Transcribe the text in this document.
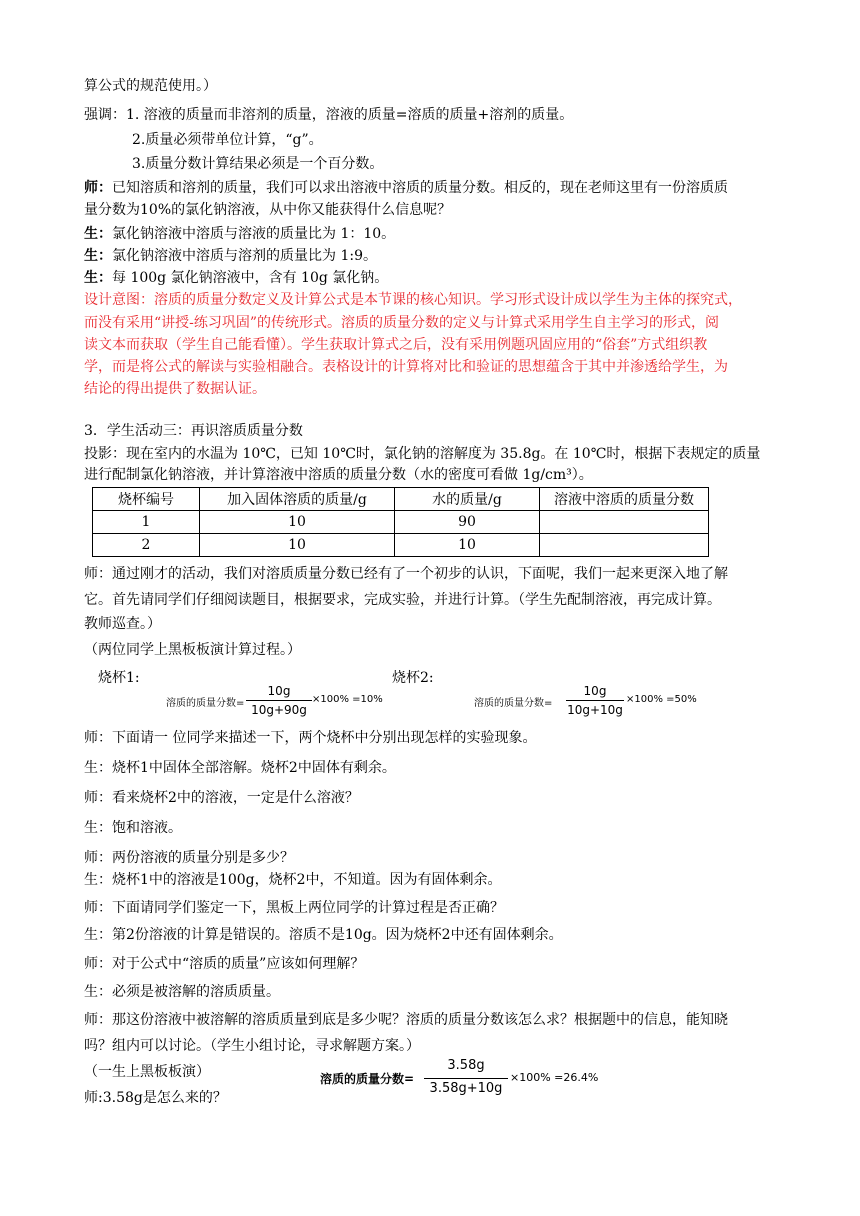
算公式的规范使用。）
强调：1. 溶液的质量而非溶剂的质量，溶液的质量=溶质的质量+溶剂的质量。
2.质量必须带单位计算，“g”。
3.质量分数计算结果必须是一个百分数。
师：已知溶质和溶剂的质量，我们可以求出溶液中溶质的质量分数。相反的，现在老师这里有一份溶质质
量分数为10%的氯化钠溶液，从中你又能获得什么信息呢？
生：氯化钠溶液中溶质与溶液的质量比为 1：10。
生：氯化钠溶液中溶质与溶剂的质量比为 1:9。
生：每 100g 氯化钠溶液中，含有 10g 氯化钠。
设计意图：溶质的质量分数定义及计算公式是本节课的核心知识。学习形式设计成以学生为主体的探究式，
而没有采用“讲授-练习巩固”的传统形式。溶质的质量分数的定义与计算式采用学生自主学习的形式，阅
读文本而获取（学生自己能看懂）。学生获取计算式之后，没有采用例题巩固应用的“俗套”方式组织教
学，而是将公式的解读与实验相融合。表格设计的计算将对比和验证的思想蕴含于其中并渗透给学生，为
结论的得出提供了数据认证。
3．学生活动三：再识溶质质量分数
投影：现在室内的水温为 10℃，已知 10℃时，氯化钠的溶解度为 35.8g。在 10℃时，根据下表规定的质量
进行配制氯化钠溶液，并计算溶液中溶质的质量分数（水的密度可看做 1g/cm³）。
烧杯编号	加入固体溶质的质量/g	水的质量/g	溶液中溶质的质量分数
1	10	90	
2	10	10	
师：通过刚才的活动，我们对溶质质量分数已经有了一个初步的认识，下面呢，我们一起来更深入地了解
它。首先请同学们仔细阅读题目，根据要求，完成实验，并进行计算。（学生先配制溶液，再完成计算。
教师巡查。）
（两位同学上黑板板演计算过程。）
烧杯1:	烧杯2:
溶质的质量分数=
10g
10g+90g
×100% =10%	溶质的质量分数=
10g
10g+10g
×100% =50%
师：下面请一 位同学来描述一下，两个烧杯中分别出现怎样的实验现象。
生：烧杯1中固体全部溶解。烧杯2中固体有剩余。
师：看来烧杯2中的溶液，一定是什么溶液？
生：饱和溶液。
师：两份溶液的质量分别是多少？
生：烧杯1中的溶液是100g，烧杯2中，不知道。因为有固体剩余。
师：下面请同学们鉴定一下，黑板上两位同学的计算过程是否正确？
生：第2份溶液的计算是错误的。溶质不是10g。因为烧杯2中还有固体剩余。
师：对于公式中“溶质的质量”应该如何理解？
生：必须是被溶解的溶质质量。
师：那这份溶液中被溶解的溶质质量到底是多少呢？溶质的质量分数该怎么求？根据题中的信息，能知晓
吗？组内可以讨论。（学生小组讨论，寻求解题方案。）
（一生上黑板板演）
师:3.58g是怎么来的？
溶质的质量分数=
3.58g
3.58g+10g
×100% =26.4%
